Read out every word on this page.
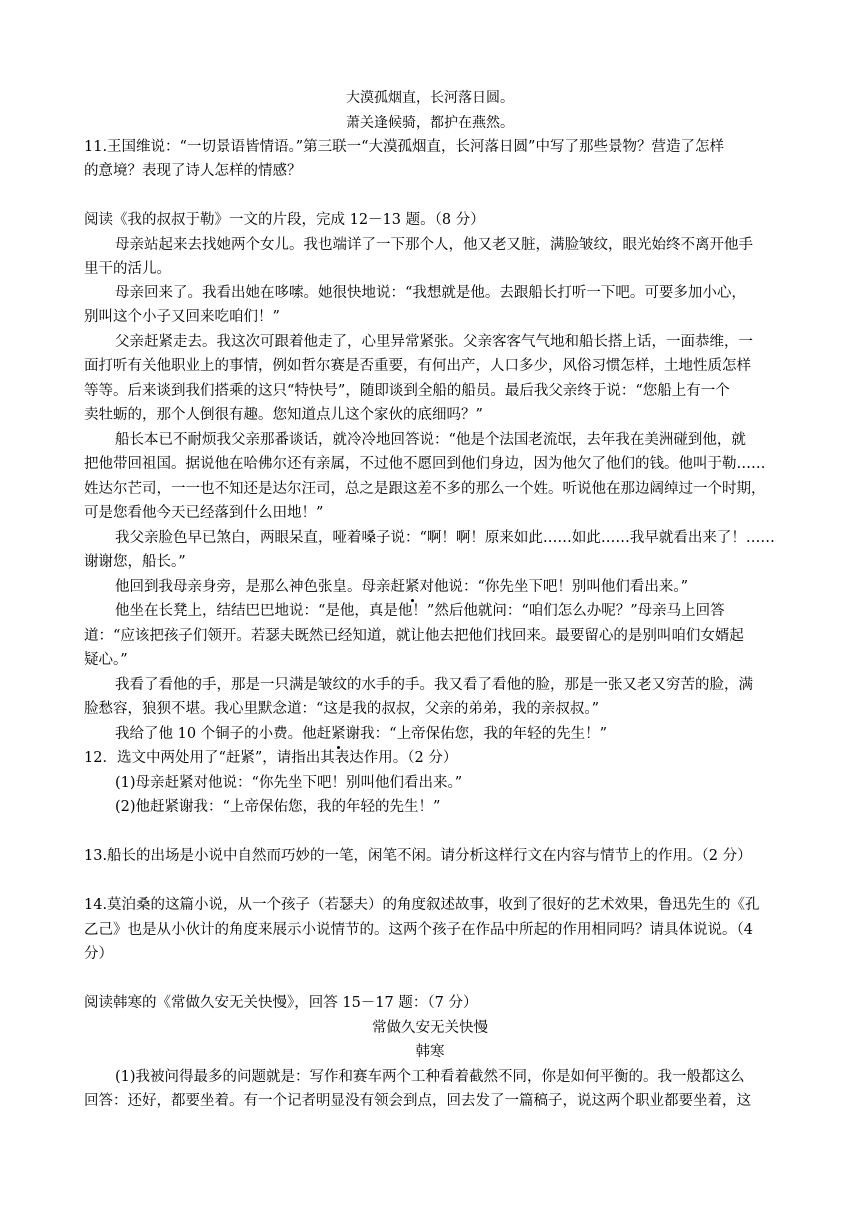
大漠孤烟直，长河落日圆。
萧关逢候骑，都护在燕然。
11.王国维说：“一切景语皆情语。”第三联一“大漠孤烟直，长河落日圆”中写了那些景物？营造了怎样
的意境？表现了诗人怎样的情感？
阅读《我的叔叔于勒》一文的片段，完成 12－13 题。（8 分）
母亲站起来去找她两个女儿。我也端详了一下那个人，他又老又脏，满脸皱纹，眼光始终不离开他手
里干的活儿。
母亲回来了。我看出她在哆嗦。她很快地说：“我想就是他。去跟船长打听一下吧。可要多加小心，
别叫这个小子又回来吃咱们！”
父亲赶紧走去。我这次可跟着他走了，心里异常紧张。父亲客客气气地和船长搭上话，一面恭维，一
面打听有关他职业上的事情，例如哲尔赛是否重要，有何出产，人口多少，风俗习惯怎样，土地性质怎样
等等。后来谈到我们搭乘的这只“特快号”，随即谈到全船的船员。最后我父亲终于说：“您船上有一个
卖牡蛎的，那个人倒很有趣。您知道点儿这个家伙的底细吗？”
船长本已不耐烦我父亲那番谈话，就冷冷地回答说：“他是个法国老流氓，去年我在美洲碰到他，就
把他带回祖国。据说他在哈佛尔还有亲属，不过他不愿回到他们身边，因为他欠了他们的钱。他叫于勒……
姓达尔芒司，一一也不知还是达尔汪司，总之是跟这差不多的那么一个姓。听说他在那边阔绰过一个时期，
可是您看他今天已经落到什么田地！”
我父亲脸色早已煞白，两眼呆直，哑着嗓子说：“啊！啊！原来如此……如此……我早就看出来了！……
谢谢您，船长。”
他回到我母亲身旁，是那么神色张皇。母亲赶紧对他说：“你先坐下吧！别叫他们看出来。”
他坐在长凳上，结结巴巴地说：“是他，真是他！”然后他就问：“咱们怎么办呢？”母亲马上回答
道：“应该把孩子们领开。若瑟夫既然已经知道，就让他去把他们找回来。最要留心的是别叫咱们女婿起
疑心。”
我看了看他的手，那是一只满是皱纹的水手的手。我又看了看他的脸，那是一张又老又穷苦的脸，满
脸愁容，狼狈不堪。我心里默念道：“这是我的叔叔，父亲的弟弟，我的亲叔叔。”
我给了他 10 个铜子的小费。他赶紧谢我：“上帝保佑您，我的年轻的先生！”
12．选文中两处用了“赶紧”，请指出其表达作用。（2 分）
(1)母亲赶紧对他说：“你先坐下吧！别叫他们看出来。”
(2)他赶紧谢我：“上帝保佑您，我的年轻的先生！”
13.船长的出场是小说中自然而巧妙的一笔，闲笔不闲。请分析这样行文在内容与情节上的作用。（2 分）
14.莫泊桑的这篇小说，从一个孩子（若瑟夫）的角度叙述故事，收到了很好的艺术效果，鲁迅先生的《孔
乙己》也是从小伙计的角度来展示小说情节的。这两个孩子在作品中所起的作用相同吗？请具体说说。（4
分）
阅读韩寒的《常做久安无关快慢》，回答 15－17 题：（7 分）
常做久安无关快慢
韩寒
(1)我被问得最多的问题就是：写作和赛车两个工种看着截然不同，你是如何平衡的。我一般都这么
回答：还好，都要坐着。有一个记者明显没有领会到点，回去发了一篇稿子，说这两个职业都要坐着，这
